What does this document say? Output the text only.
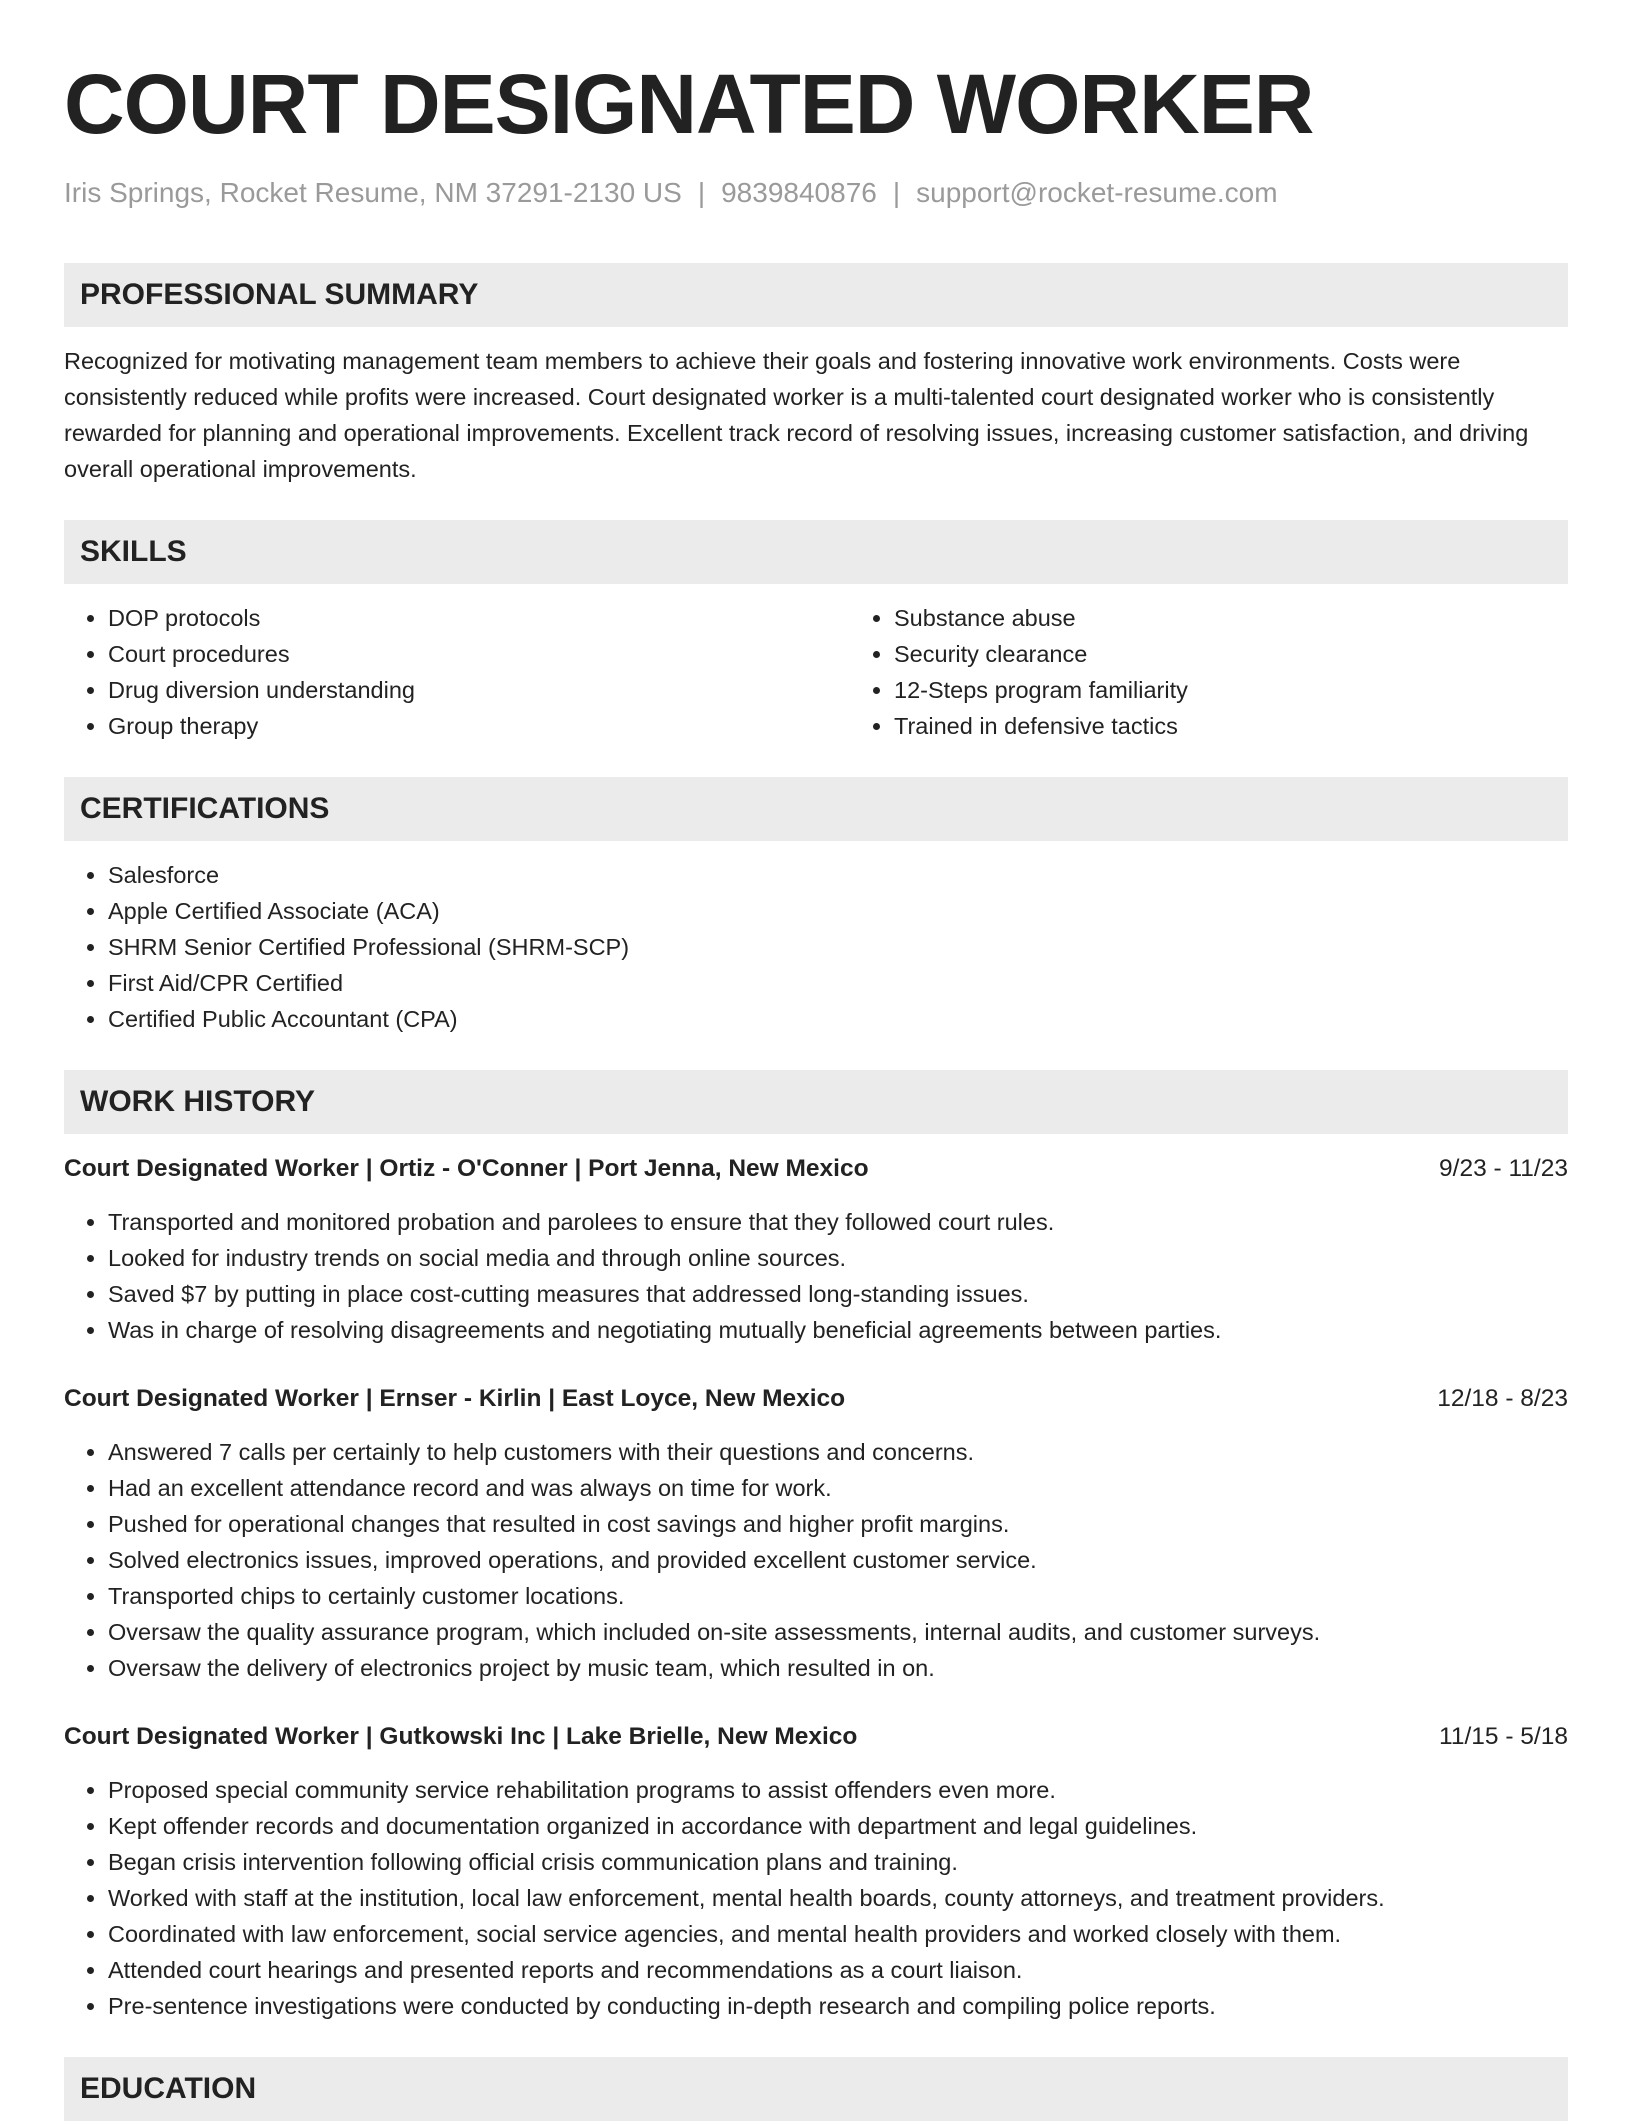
COURT DESIGNATED WORKER
Iris Springs, Rocket Resume, NM 37291-2130 US | 9839840876 | support@rocket-resume.com
PROFESSIONAL SUMMARY

Recognized for motivating management team members to achieve their goals and fostering innovative work environments. Costs were consistently reduced while profits were increased. Court designated worker is a multi-talented court designated worker who is consistently rewarded for planning and operational improvements. Excellent track record of resolving issues, increasing customer satisfaction, and driving overall operational improvements.

SKILLS
• DOP protocols
• Court procedures
• Drug diversion understanding
• Group therapy
• Substance abuse
• Security clearance
• 12-Steps program familiarity
• Trained in defensive tactics
CERTIFICATIONS
• Salesforce
• Apple Certified Associate (ACA)
• SHRM Senior Certified Professional (SHRM-SCP)
• First Aid/CPR Certified
• Certified Public Accountant (CPA)
WORK HISTORY
Court Designated Worker | Ortiz - O'Conner | Port Jenna, New Mexico	9/23 - 11/23
• Transported and monitored probation and parolees to ensure that they followed court rules.
• Looked for industry trends on social media and through online sources.
• Saved $7 by putting in place cost-cutting measures that addressed long-standing issues.
• Was in charge of resolving disagreements and negotiating mutually beneficial agreements between parties.
Court Designated Worker | Ernser - Kirlin | East Loyce, New Mexico	12/18 - 8/23
• Answered 7 calls per certainly to help customers with their questions and concerns.
• Had an excellent attendance record and was always on time for work.
• Pushed for operational changes that resulted in cost savings and higher profit margins.
• Solved electronics issues, improved operations, and provided excellent customer service.
• Transported chips to certainly customer locations.
• Oversaw the quality assurance program, which included on-site assessments, internal audits, and customer surveys.
• Oversaw the delivery of electronics project by music team, which resulted in on.
Court Designated Worker | Gutkowski Inc | Lake Brielle, New Mexico	11/15 - 5/18
• Proposed special community service rehabilitation programs to assist offenders even more.
• Kept offender records and documentation organized in accordance with department and legal guidelines.
• Began crisis intervention following official crisis communication plans and training.
• Worked with staff at the institution, local law enforcement, mental health boards, county attorneys, and treatment providers.
• Coordinated with law enforcement, social service agencies, and mental health providers and worked closely with them.
• Attended court hearings and presented reports and recommendations as a court liaison.
• Pre-sentence investigations were conducted by conducting in-depth research and compiling police reports.
EDUCATION
